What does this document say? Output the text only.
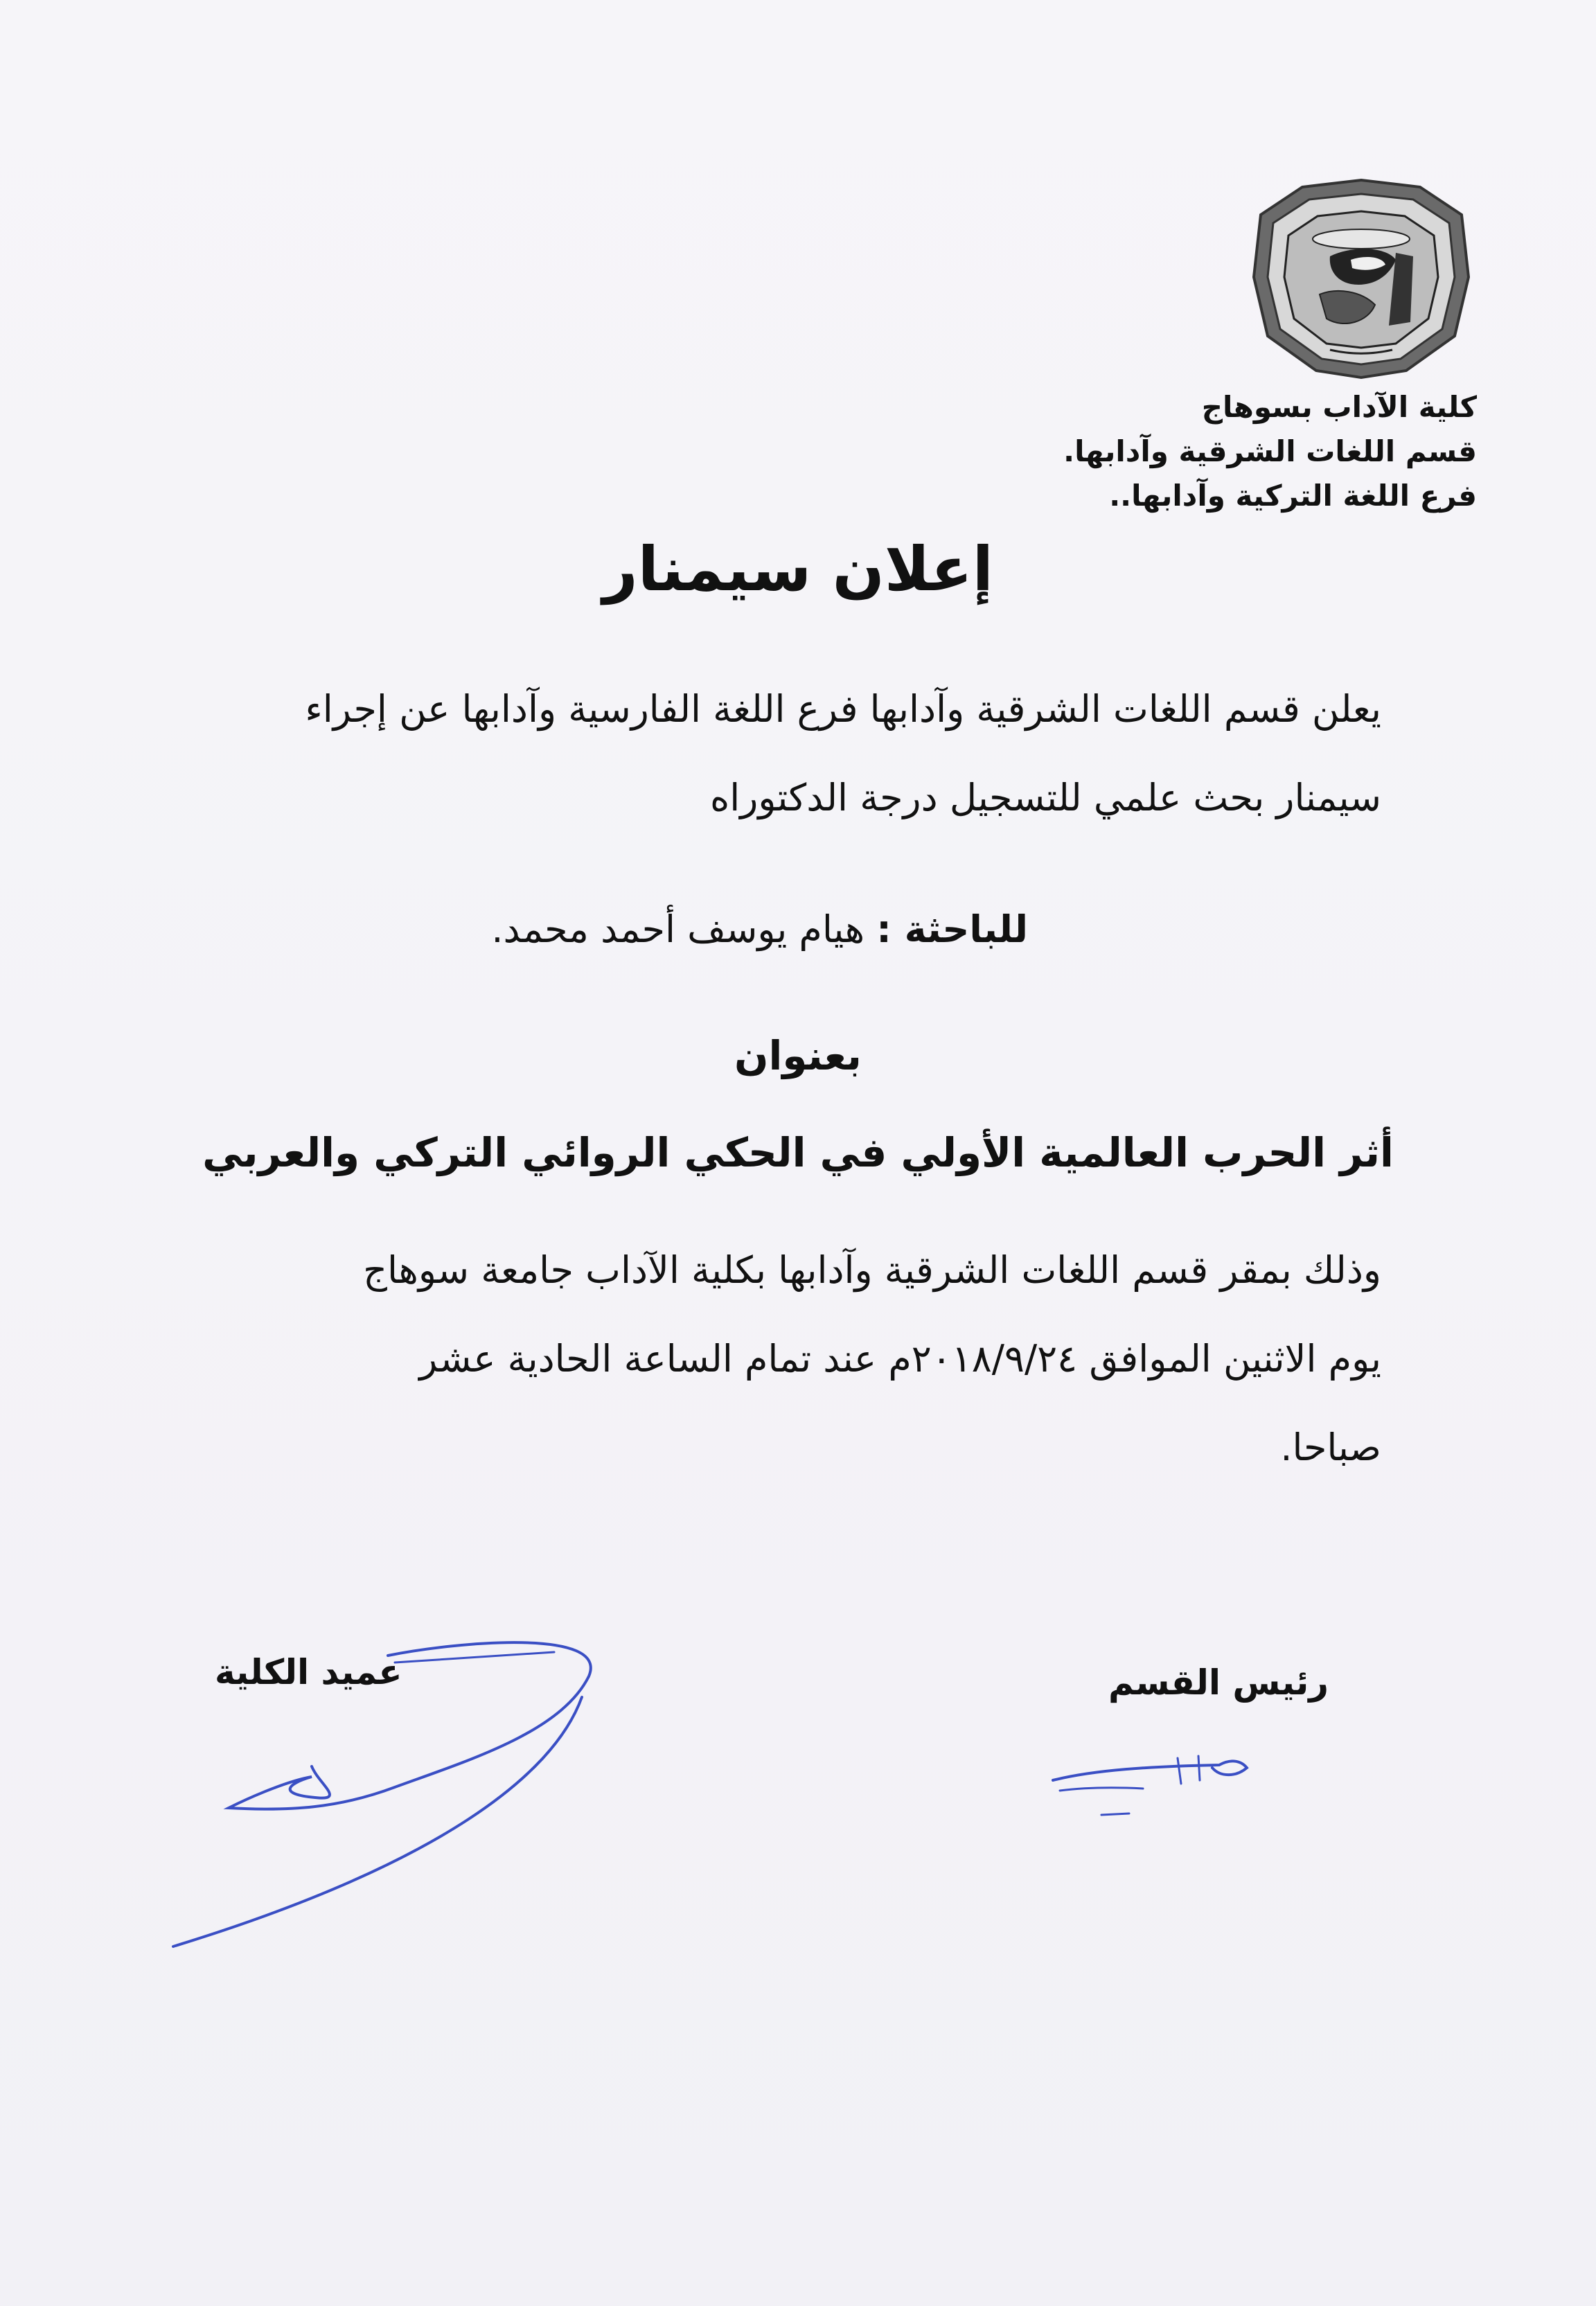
كلية الآداب بسوهاج
قسم اللغات الشرقية وآدابها.
فرع اللغة التركية وآدابها..
إعلان سيمنار
يعلن قسم اللغات الشرقية وآدابها فرع اللغة الفارسية وآدابها عن إجراء
سيمنار بحث علمي للتسجيل درجة الدكتوراه
للباحثة : هيام يوسف أحمد محمد.
بعنوان
أثر الحرب العالمية الأولي في الحكي الروائي التركي والعربي
وذلك بمقر قسم اللغات الشرقية وآدابها بكلية الآداب جامعة سوهاج
يوم الاثنين الموافق ٢٠١٨/٩/٢٤م عند تمام الساعة الحادية عشر
صباحا.
عميد الكلية	رئيس القسم
